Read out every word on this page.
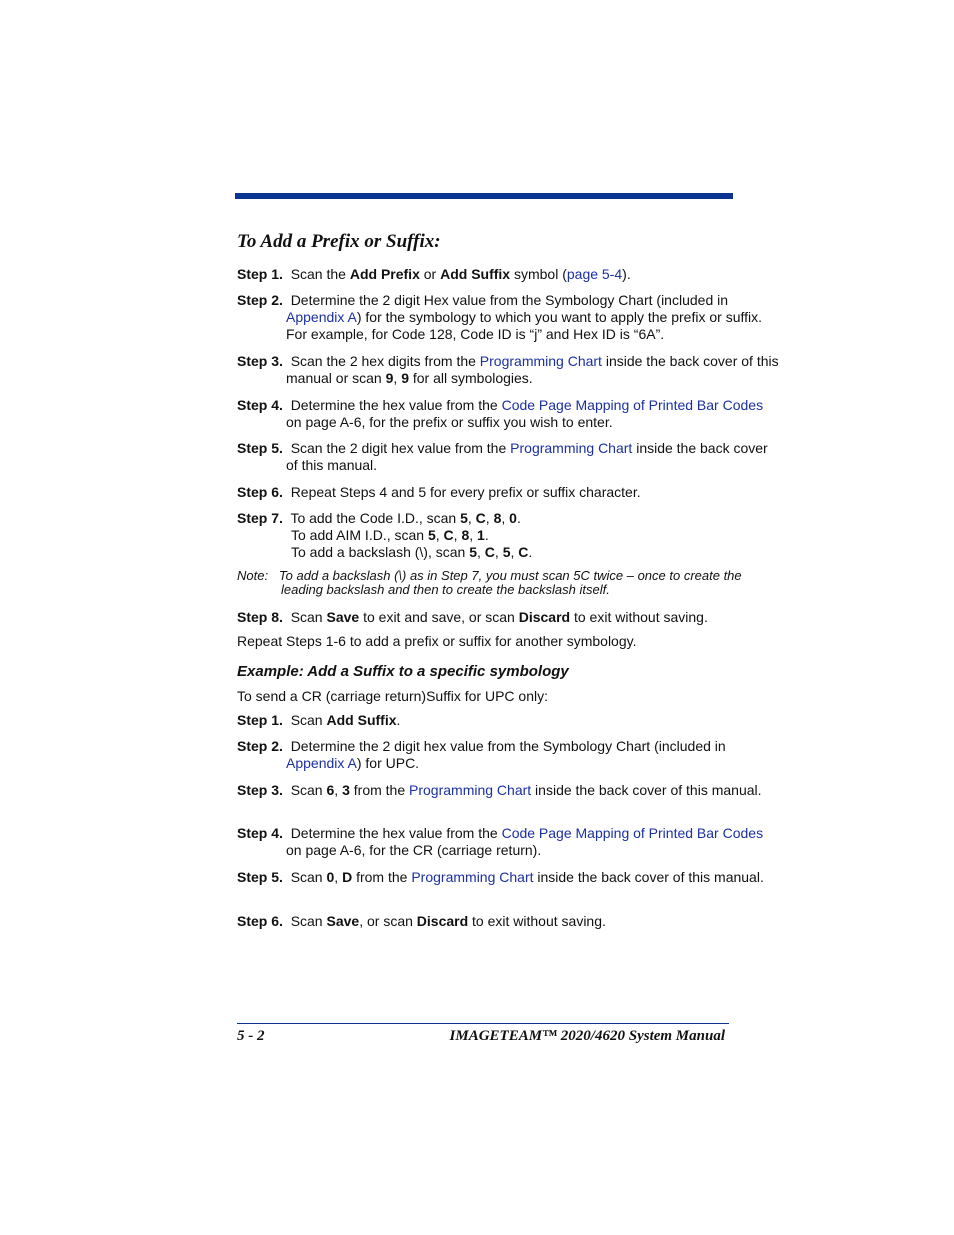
To Add a Prefix or Suffix:
Step 1. Scan the Add Prefix or Add Suffix symbol (page 5-4).
Step 2. Determine the 2 digit Hex value from the Symbology Chart (included in Appendix A) for the symbology to which you want to apply the prefix or suffix. For example, for Code 128, Code ID is “j” and Hex ID is “6A”.
Step 3. Scan the 2 hex digits from the Programming Chart inside the back cover of this manual or scan 9, 9 for all symbologies.
Step 4. Determine the hex value from the Code Page Mapping of Printed Bar Codes on page A-6, for the prefix or suffix you wish to enter.
Step 5. Scan the 2 digit hex value from the Programming Chart inside the back cover of this manual.
Step 6. Repeat Steps 4 and 5 for every prefix or suffix character.
Step 7. To add the Code I.D., scan 5, C, 8, 0.
To add AIM I.D., scan 5, C, 8, 1.
To add a backslash (\), scan 5, C, 5, C.
Note: To add a backslash (\) as in Step 7, you must scan 5C twice – once to create the leading backslash and then to create the backslash itself.
Step 8. Scan Save to exit and save, or scan Discard to exit without saving.
Repeat Steps 1-6 to add a prefix or suffix for another symbology.
Example: Add a Suffix to a specific symbology
To send a CR (carriage return)Suffix for UPC only:
Step 1. Scan Add Suffix.
Step 2. Determine the 2 digit hex value from the Symbology Chart (included in Appendix A) for UPC.
Step 3. Scan 6, 3 from the Programming Chart inside the back cover of this manual.
Step 4. Determine the hex value from the Code Page Mapping of Printed Bar Codes on page A-6, for the CR (carriage return).
Step 5. Scan 0, D from the Programming Chart inside the back cover of this manual.
Step 6. Scan Save, or scan Discard to exit without saving.
5 - 2	IMAGETEAM™ 2020/4620 System Manual
